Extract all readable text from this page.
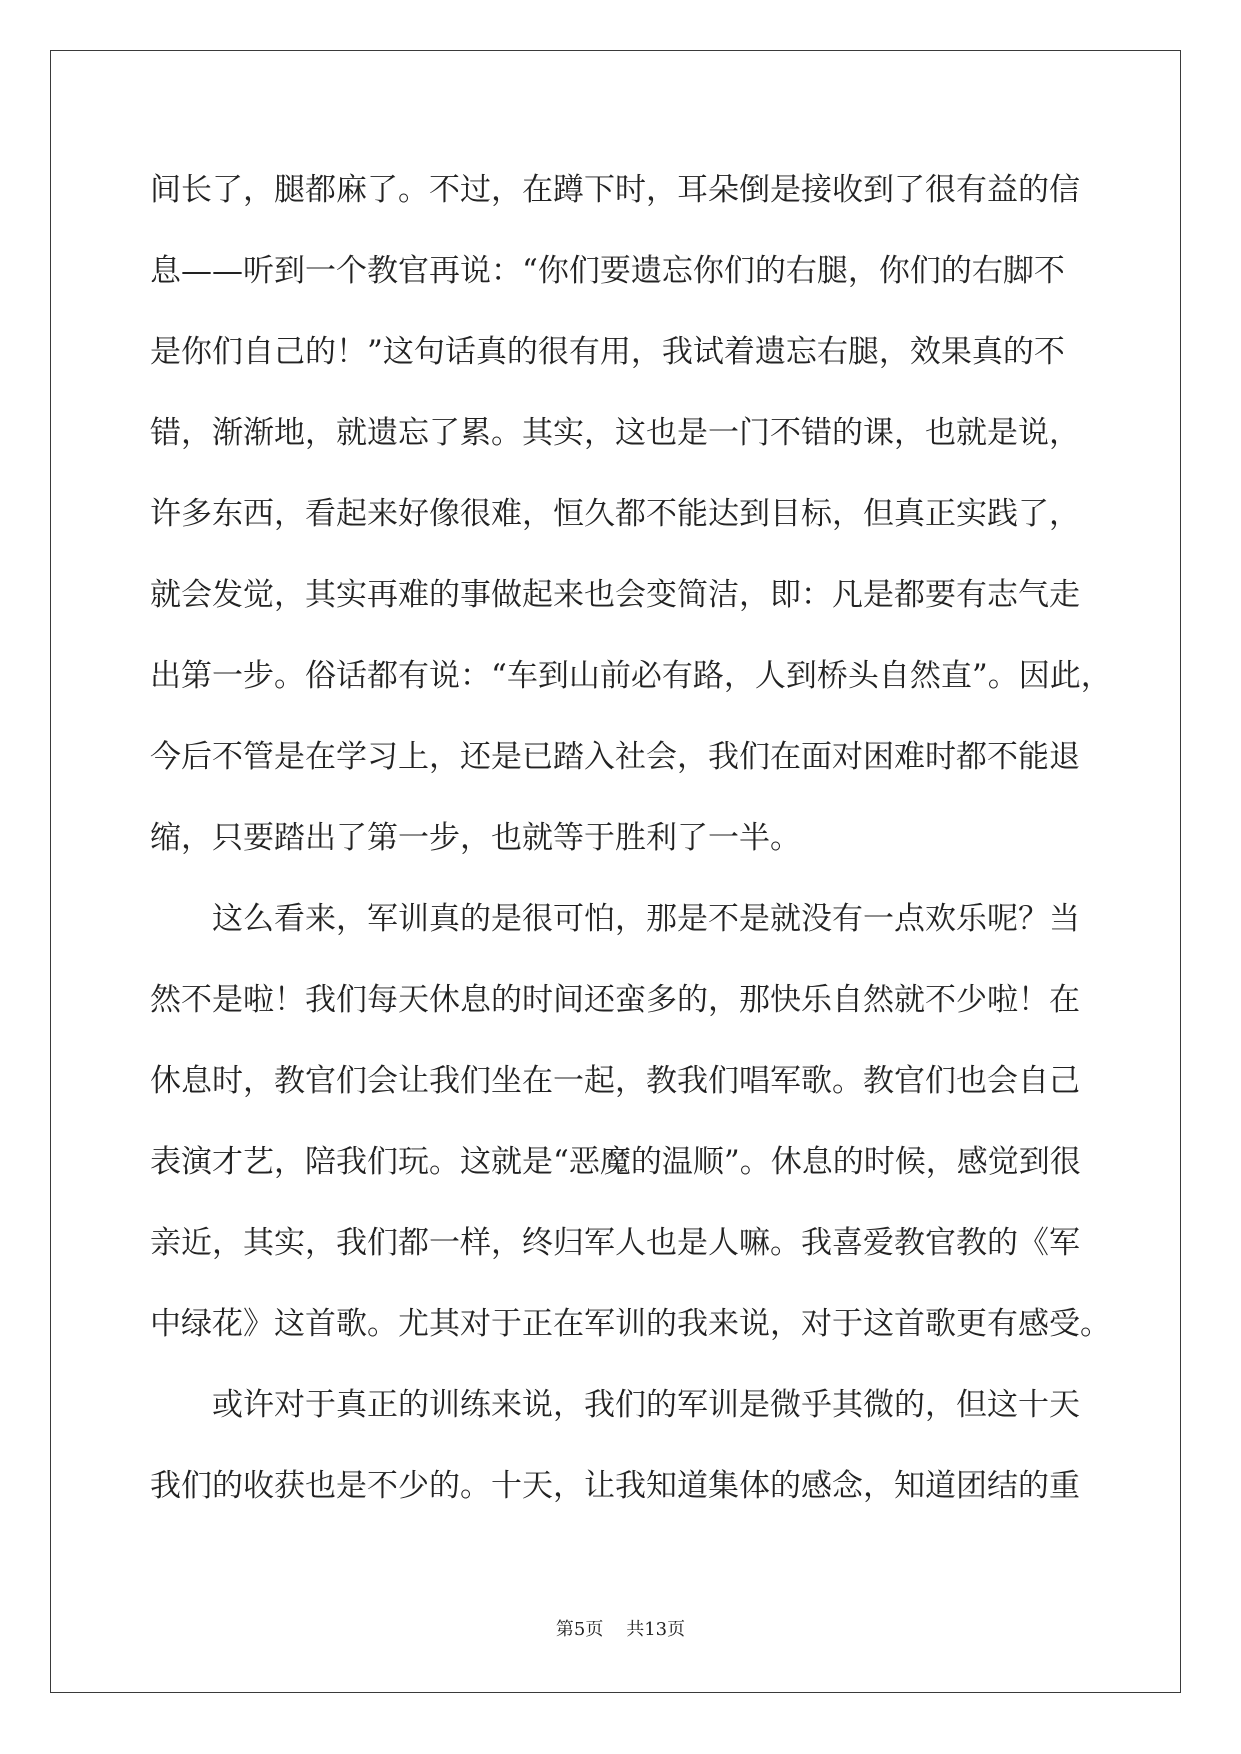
间长了，腿都麻了。不过，在蹲下时，耳朵倒是接收到了很有益的信
息——听到一个教官再说：“你们要遗忘你们的右腿，你们的右脚不
是你们自己的！”这句话真的很有用，我试着遗忘右腿，效果真的不
错，渐渐地，就遗忘了累。其实，这也是一门不错的课，也就是说，
许多东西，看起来好像很难，恒久都不能达到目标，但真正实践了，
就会发觉，其实再难的事做起来也会变简洁，即：凡是都要有志气走
出第一步。俗话都有说：“车到山前必有路，人到桥头自然直”。因此，
今后不管是在学习上，还是已踏入社会，我们在面对困难时都不能退
缩，只要踏出了第一步，也就等于胜利了一半。
　　这么看来，军训真的是很可怕，那是不是就没有一点欢乐呢？当
然不是啦！我们每天休息的时间还蛮多的，那快乐自然就不少啦！在
休息时，教官们会让我们坐在一起，教我们唱军歌。教官们也会自己
表演才艺，陪我们玩。这就是“恶魔的温顺”。休息的时候，感觉到很
亲近，其实，我们都一样，终归军人也是人嘛。我喜爱教官教的《军
中绿花》这首歌。尤其对于正在军训的我来说，对于这首歌更有感受。
　　或许对于真正的训练来说，我们的军训是微乎其微的，但这十天
我们的收获也是不少的。十天，让我知道集体的感念，知道团结的重
第5页 共13页
